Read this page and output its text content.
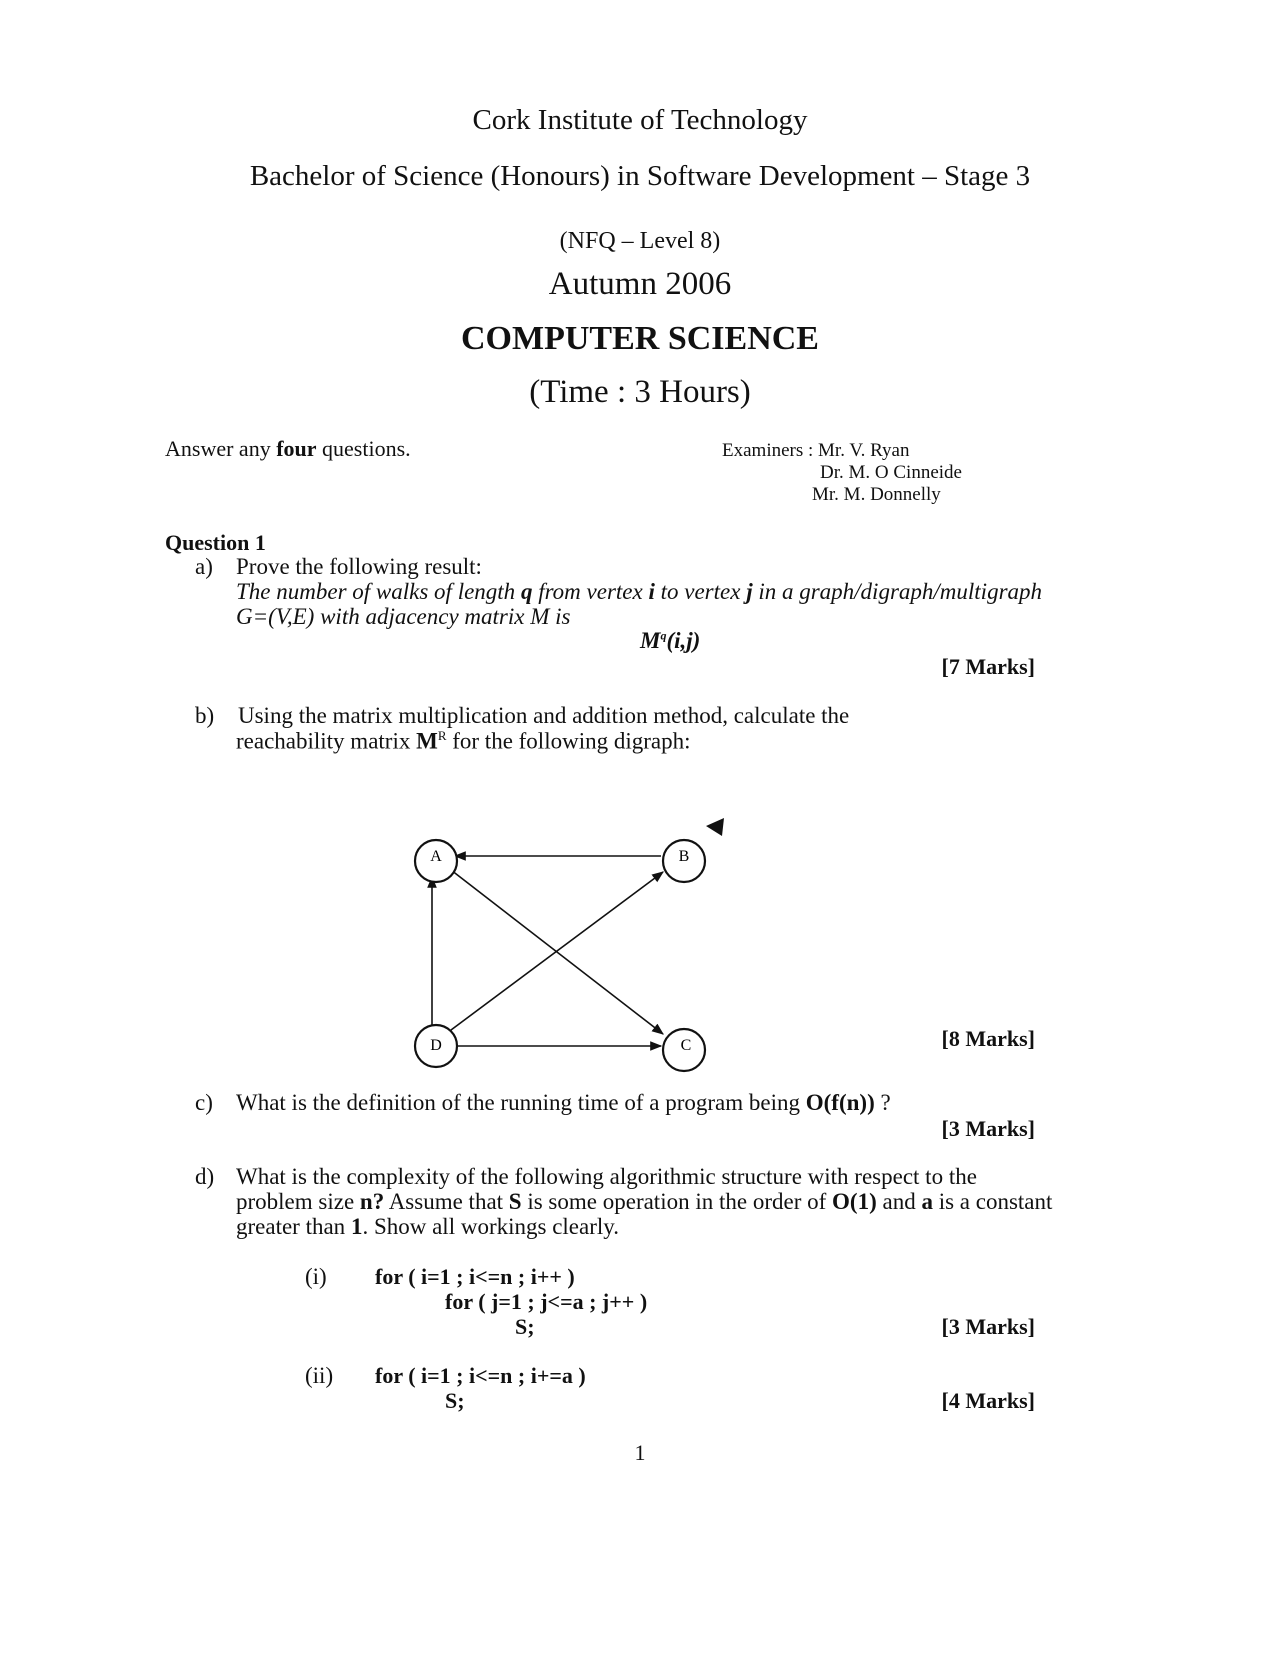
Cork Institute of Technology
Bachelor of Science (Honours) in Software Development – Stage 3
(NFQ – Level 8)
Autumn 2006
COMPUTER SCIENCE
(Time : 3 Hours)
Answer any four questions.	Examiners : Mr. V. Ryan
Dr. M. O Cinneide
Mr. M. Donnelly
Question 1
a) Prove the following result:
The number of walks of length q from vertex i to vertex j in a graph/digraph/multigraph
G=(V,E) with adjacency matrix M is
$M^q(i,j)$
[7 Marks]
b) Using the matrix multiplication and addition method, calculate the
reachability matrix $M^R$ for the following digraph:
A	B
C
D	[8 Marks]
c) What is the definition of the running time of a program being O(f(n)) ?
[3 Marks]
d) What is the complexity of the following algorithmic structure with respect to the
problem size n? Assume that S is some operation in the order of O(1) and a is a constant
greater than 1. Show all workings clearly.
(i) for ( i=1 ; i<=n ; i++ )
for ( j=1 ; j<=a ; j++ )
S;	[3 Marks]
(ii) for ( i=1 ; i<=n ; i+=a )
S;	[4 Marks]
1
